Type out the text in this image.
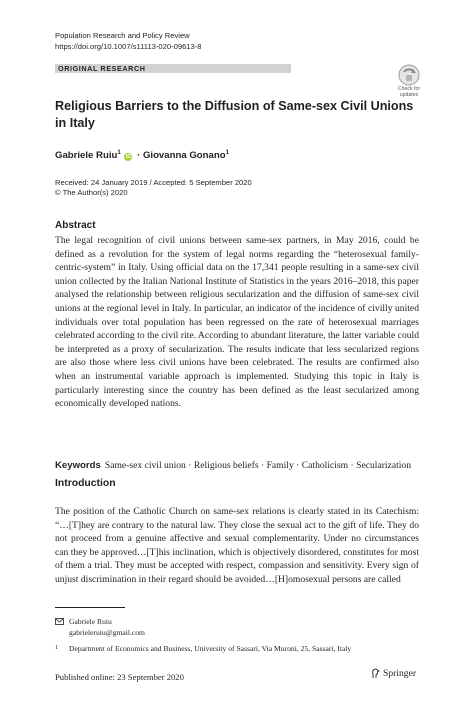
Population Research and Policy Review
https://doi.org/10.1007/s11113-020-09613-8
ORIGINAL RESEARCH
Check for
updates
Religious Barriers to the Diffusion of Same-sex Civil Unions in Italy
Gabriele Ruiu$^1$ iD · Giovanna Gonano$^1$
Received: 24 January 2019 / Accepted: 5 September 2020
© The Author(s) 2020
Abstract
The legal recognition of civil unions between same-sex partners, in May 2016, could be defined as a revolution for the system of legal norms regarding the “heterosexual family-centric-system” in Italy. Using official data on the 17,341 people resulting in a same-sex civil union collected by the Italian National Institute of Statistics in the years 2016–2018, this paper analysed the relationship between religious secularization and the diffusion of same-sex civil unions at the regional level in Italy. In particular, an indicator of the incidence of civilly united individuals over total population has been regressed on the rate of heterosexual marriages celebrated according to the civil rite. According to abundant literature, the latter variable could be interpreted as a proxy of secularization. The results indicate that less secularized regions are also those where less civil unions have been celebrated. The results are confirmed also when an instrumental variable approach is implemented. Studying this topic in Italy is particularly interesting since the country has been defined as the least secularized among economically developed nations.
Keywords Same-sex civil union · Religious beliefs · Family · Catholicism · Secularization
Introduction
The position of the Catholic Church on same-sex relations is clearly stated in its Catechism: “…[T]hey are contrary to the natural law. They close the sexual act to the gift of life. They do not proceed from a genuine affective and sexual complementarity. Under no circumstances can they be approved…[T]his inclination, which is objectively disordered, constitutes for most of them a trial. They must be accepted with respect, compassion and sensitivity. Every sign of unjust discrimination in their regard should be avoided…[H]omosexual persons are called
Gabriele Ruiu
gabrieleruiu@gmail.com
1 Department of Economics and Business, University of Sassari, Via Muroni, 25, Sassari, Italy
Published online: 23 September 2020	Springer
